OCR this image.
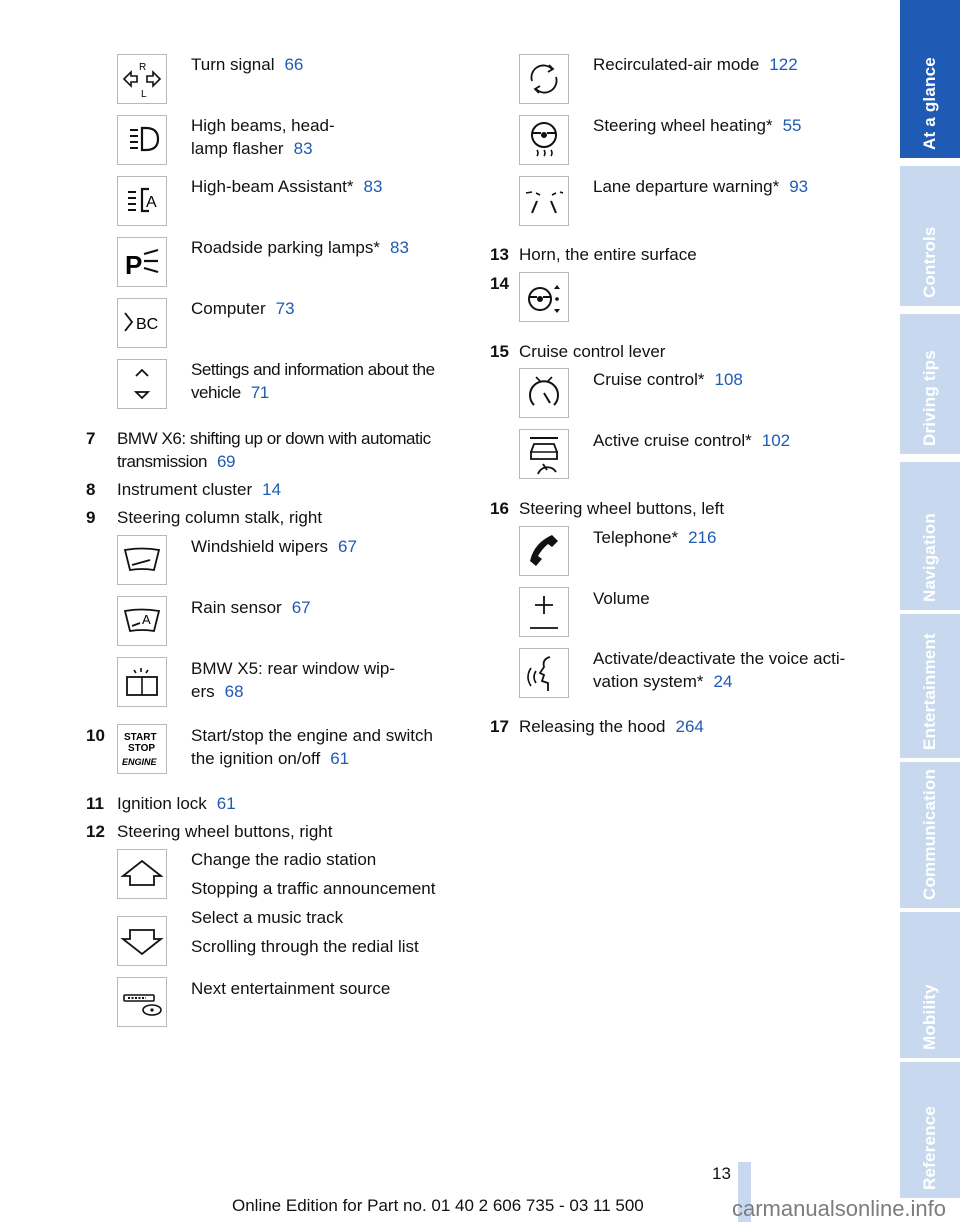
R
L
Turn signal 66
High beams, head-
lamp flasher 83
A
High-beam Assistant* 83
P
Roadside parking lamps* 83
BC
Computer 73
Settings and information about the
vehicle 71
7 BMW X6: shifting up or down with automatic
transmission 69
8 Instrument cluster 14
9 Steering column stalk, right
Windshield wipers 67
A
Rain sensor 67
BMW X5: rear window wip-
ers 68
10 START
STOP
ENGINE
Start/stop the engine and switch
the ignition on/off 61
11 Ignition lock 61
12 Steering wheel buttons, right
Change the radio station
Stopping a traffic announcement
Select a music track
Scrolling through the redial list
Next entertainment source
Recirculated-air mode 122
Steering wheel heating* 55
Lane departure warning* 93
13 Horn, the entire surface
14
15 Cruise control lever
Cruise control* 108
Active cruise control* 102
16 Steering wheel buttons, left
Telephone* 216
Volume
Activate/deactivate the voice acti-
vation system* 24
17 Releasing the hood 264
At a glance
Controls
Driving tips
Navigation
Entertainment
Communication
Mobility
Reference
13
Online Edition for Part no. 01 40 2 606 735 - 03 11 500	carmanualsonline.info
